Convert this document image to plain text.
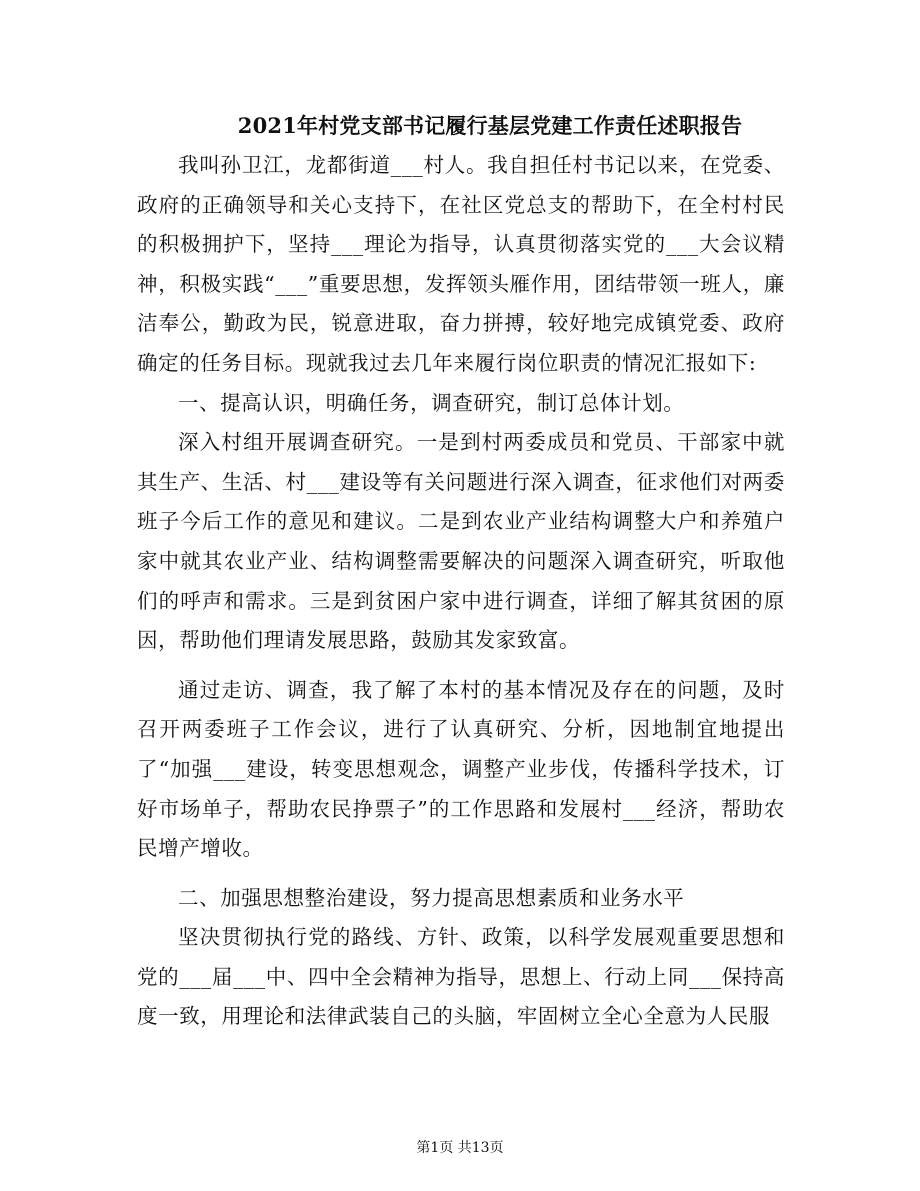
2021年村党支部书记履行基层党建工作责任述职报告

我叫孙卫江，龙都街道___村人。我自担任村书记以来，在党委、政府的正确领导和关心支持下，在社区党总支的帮助下，在全村村民的积极拥护下，坚持___理论为指导，认真贯彻落实党的___大会议精神，积极实践“___”重要思想，发挥领头雁作用，团结带领一班人，廉洁奉公，勤政为民，锐意进取，奋力拼搏，较好地完成镇党委、政府确定的任务目标。现就我过去几年来履行岗位职责的情况汇报如下:

一、提高认识，明确任务，调查研究，制订总体计划。

深入村组开展调查研究。一是到村两委成员和党员、干部家中就其生产、生活、村___建设等有关问题进行深入调查，征求他们对两委班子今后工作的意见和建议。二是到农业产业结构调整大户和养殖户家中就其农业产业、结构调整需要解决的问题深入调查研究，听取他们的呼声和需求。三是到贫困户家中进行调查，详细了解其贫困的原因，帮助他们理请发展思路，鼓励其发家致富。

通过走访、调查，我了解了本村的基本情况及存在的问题，及时召开两委班子工作会议，进行了认真研究、分析，因地制宜地提出了“加强___建设，转变思想观念，调整产业步伐，传播科学技术，订好市场单子，帮助农民挣票子”的工作思路和发展村___经济，帮助农民增产增收。

二、加强思想整治建设，努力提高思想素质和业务水平

坚决贯彻执行党的路线、方针、政策，以科学发展观重要思想和党的___届___中、四中全会精神为指导，思想上、行动上同___保持高度一致，用理论和法律武装自己的头脑，牢固树立全心全意为人民服

第1页 共13页
